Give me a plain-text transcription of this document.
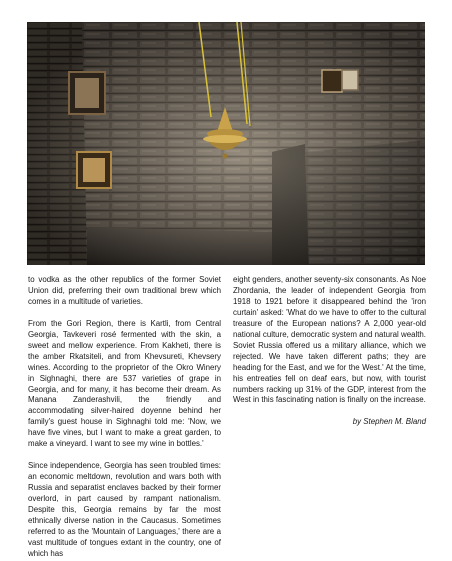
to vodka as the other republics of the former Soviet Union did, preferring their own traditional brew which comes in a multitude of varieties.

From the Gori Region, there is Kartli, from Central Georgia, Tavkeveri rosé fermented with the skin, a sweet and mellow experience. From Kakheti, there is the amber Rkatsiteli, and from Khevsureti, Khevsery wines. According to the proprietor of the Okro Winery in Sighnaghi, there are 537 varieties of grape in Georgia, and for many, it has become their dream. As Manana Zanderashvili, the friendly and accommodating silver-haired doyenne behind her family's guest house in Sighnaghi told me: 'Now, we have five vines, but I want to make a great garden, to make a vineyard. I want to see my wine in bottles.'

Since independence, Georgia has seen troubled times: an economic meltdown, revolution and wars both with Russia and separatist enclaves backed by their former overlord, in part caused by rampant nationalism. Despite this, Georgia remains by far the most ethnically diverse nation in the Caucasus. Sometimes referred to as the 'Mountain of Languages,' there are a vast multitude of tongues extant in the country, one of which has

eight genders, another seventy-six consonants. As Noe Zhordania, the leader of independent Georgia from 1918 to 1921 before it disappeared behind the 'iron curtain' asked: 'What do we have to offer to the cultural treasure of the European nations? A 2,000 year-old national culture, democratic system and natural wealth. Soviet Russia offered us a military alliance, which we rejected. We have taken different paths; they are heading for the East, and we for the West.' At the time, his entreaties fell on deaf ears, but now, with tourist numbers racking up 31% of the GDP, interest from the West in this fascinating nation is finally on the increase.

by Stephen M. Bland
